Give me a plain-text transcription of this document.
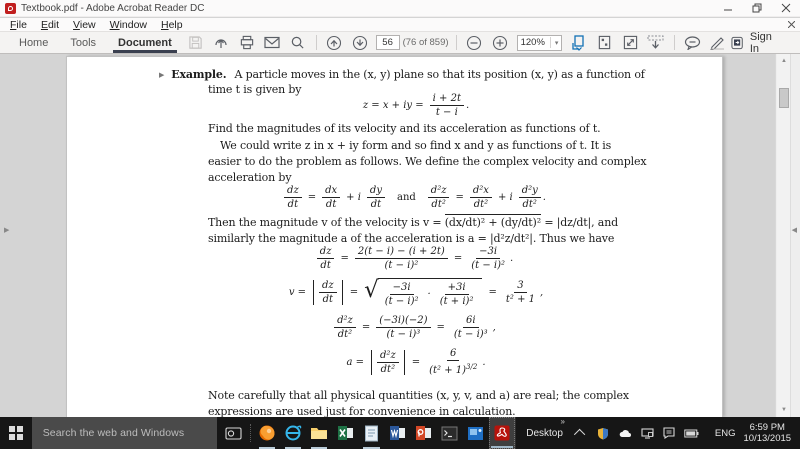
Textbook.pdf - Adobe Acrobat Reader DC
File	Edit	View	Window	Help
Home	Tools	Document
56	(76 of 859)	120%	▾
Sign In
▶ Example. A particle moves in the (x, y) plane so that its position (x, y) as a function of
time t is given by
z = x + iy = $\frac{i + 2t}{t - i}$ .
Find the magnitudes of its velocity and its acceleration as functions of t.
We could write z in x + iy form and so find x and y as functions of t. It is
easier to do the problem as follows. We define the complex velocity and complex
acceleration by
$\frac{dz}{dt} = \frac{dx}{dt} + i$
dy
dt
and $\frac{\text{d²z}}{\text{dt²}} = \frac{\text{d²x}}{\text{dt²}} + i$
d²y
dt²
.
Then the magnitude v of the velocity is v = (dx/dt)² + (dy/dt)² = |dz/dt|, and
similarly the magnitude a of the acceleration is a = |d²z/dt²|. Thus we have
$\frac{dz}{dt} = \frac{2(t - i) - (i + 2t)}{\text{(t − i)²}} = \frac{-3i}{\text{(t − i)²}}$ .
v =
dz
dt
= √	−3i
(t − i)²
·
+3i
(t + i)²
= $\frac{3}{\text{t² + 1}}$ ,
$\frac{\text{d²z}}{\text{dt²}} = \frac{(-3i)(-2)}{\text{(t − i)³}} = \frac{6i}{\text{(t − i)³}}$ ,
a =
d²z
dt²
= $\frac{6}{(t^2 + 1)^{3/2}}$ .
Note carefully that all physical quantities (x, y, v, and a) are real; the complex
expressions are used just for convenience in calculation.
▶
▲
▼
◀
Search the web and Windows
»
Desktop	ENG 6:59 PM
10/13/2015
